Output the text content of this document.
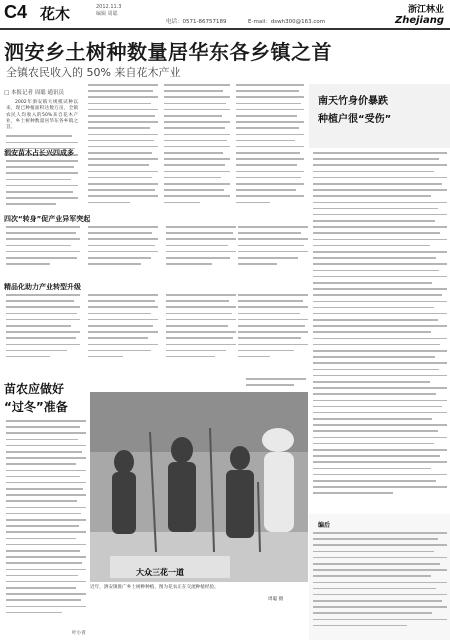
C4 花木	2012.11.3
编辑 周聪
电话：0571-86757189	E-mail：dswh300@163.com
浙江林业
Zhejiang
泗安乡土树种数量居华东各乡镇之首
全镇农民收入的 50% 来自花木产业
□ 本报记者 周聪 通讯员

2002年泗安镇大规模试种以来，现已种植面积达数万亩，全镇农民人均收入的50%来自花木产业，乡土树种数量居华东各乡镇之首。

泗安苗木占长兴四成多
四次“转身”促产业异军突起
精品化助力产业转型升级
南天竹身价暴跌
种植户很“受伤”
苗农应做好
“过冬”准备
叶小青
大众三花一道
近年，泗安镇推广乡土树种种植，图为花农正在交流种植经验。
周聪 摄
编后
